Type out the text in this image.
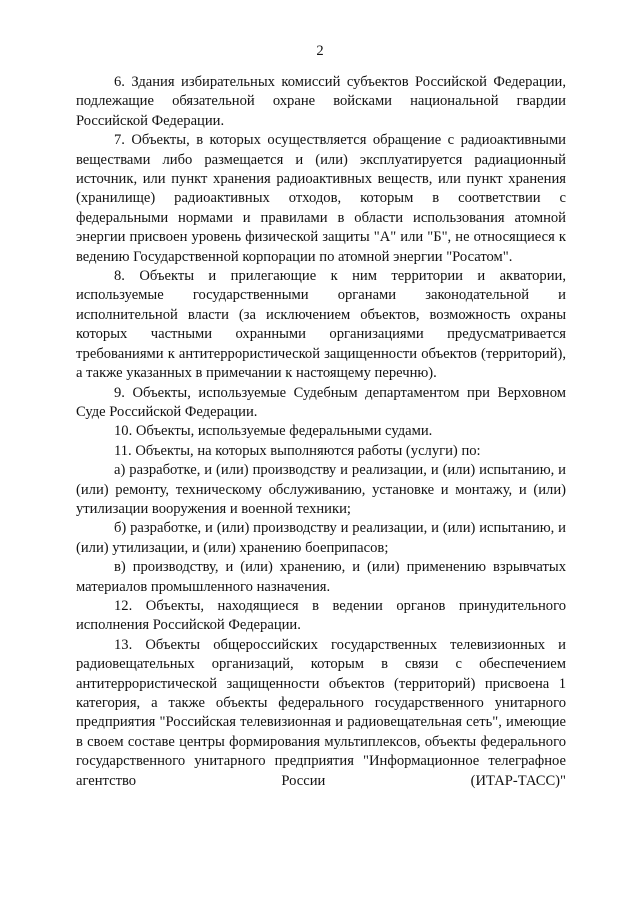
2

6. Здания избирательных комиссий субъектов Российской Федерации, подлежащие обязательной охране войсками национальной гвардии Российской Федерации.

7. Объекты, в которых осуществляется обращение с радиоактивными веществами либо размещается и (или) эксплуатируется радиационный источник, или пункт хранения радиоактивных веществ, или пункт хранения (хранилище) радиоактивных отходов, которым в соответствии с федеральными нормами и правилами в области использования атомной энергии присвоен уровень физической защиты "А" или "Б", не относящиеся к ведению Государственной корпорации по атомной энергии "Росатом".

8. Объекты и прилегающие к ним территории и акватории, используемые государственными органами законодательной и исполнительной власти (за исключением объектов, возможность охраны которых частными охранными организациями предусматривается требованиями к антитеррористической защищенности объектов (территорий), а также указанных в примечании к настоящему перечню).

9. Объекты, используемые Судебным департаментом при Верховном Суде Российской Федерации.

10. Объекты, используемые федеральными судами.

11. Объекты, на которых выполняются работы (услуги) по:

а) разработке, и (или) производству и реализации, и (или) испытанию, и (или) ремонту, техническому обслуживанию, установке и монтажу, и (или) утилизации вооружения и военной техники;

б) разработке, и (или) производству и реализации, и (или) испытанию, и (или) утилизации, и (или) хранению боеприпасов;

в) производству, и (или) хранению, и (или) применению взрывчатых материалов промышленного назначения.

12. Объекты, находящиеся в ведении органов принудительного исполнения Российской Федерации.

13. Объекты общероссийских государственных телевизионных и радиовещательных организаций, которым в связи с обеспечением антитеррористической защищенности объектов (территорий) присвоена 1 категория, а также объекты федерального государственного унитарного предприятия "Российская телевизионная и радиовещательная сеть", имеющие в своем составе центры формирования мультиплексов, объекты федерального государственного унитарного предприятия "Информационное телеграфное агентство России (ИТАР-ТАСС)"
